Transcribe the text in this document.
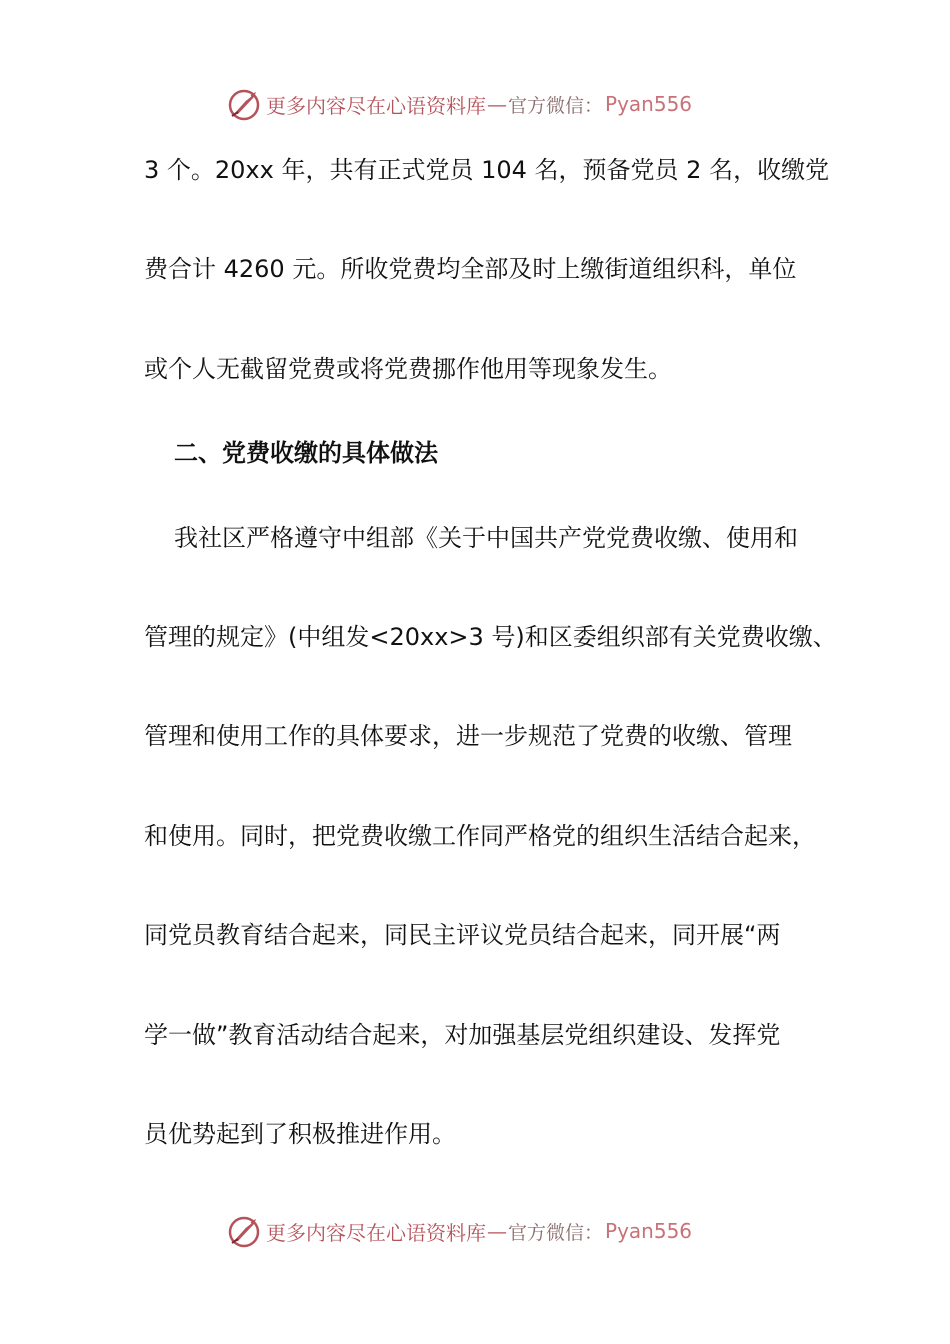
更多内容尽在心语资料库 — 官方微信： Pyan556
3 个。20xx 年，共有正式党员 104 名，预备党员 2 名，收缴党
费合计 4260 元。所收党费均全部及时上缴街道组织科，单位
或个人无截留党费或将党费挪作他用等现象发生。
二、党费收缴的具体做法
我社区严格遵守中组部《关于中国共产党党费收缴、使用和
管理的规定》(中组发<20xx>3 号)和区委组织部有关党费收缴、
管理和使用工作的具体要求，进一步规范了党费的收缴、管理
和使用。同时，把党费收缴工作同严格党的组织生活结合起来，
同党员教育结合起来，同民主评议党员结合起来，同开展“两
学一做”教育活动结合起来，对加强基层党组织建设、发挥党
员优势起到了积极推进作用。
更多内容尽在心语资料库 — 官方微信： Pyan556
